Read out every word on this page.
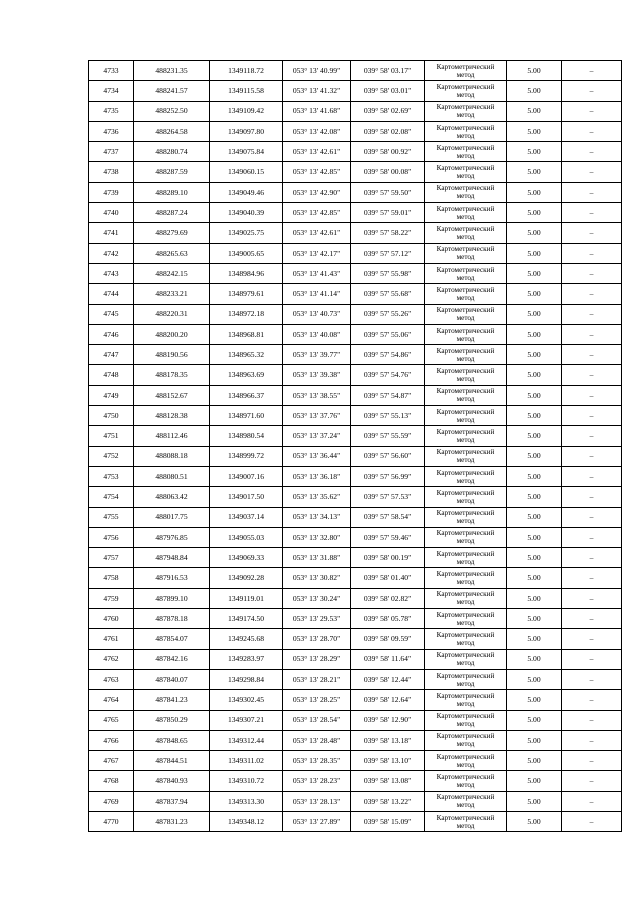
4733	488231.35	1349118.72	053° 13' 40.99"	039° 58' 03.17"	Картометрический
метод	5.00	–
4734	488241.57	1349115.58	053° 13' 41.32"	039° 58' 03.01"	Картометрический
метод	5.00	–
4735	488252.50	1349109.42	053° 13' 41.68"	039° 58' 02.69"	Картометрический
метод	5.00	–
4736	488264.58	1349097.80	053° 13' 42.08"	039° 58' 02.08"	Картометрический
метод	5.00	–
4737	488280.74	1349075.84	053° 13' 42.61"	039° 58' 00.92"	Картометрический
метод	5.00	–
4738	488287.59	1349060.15	053° 13' 42.85"	039° 58' 00.08"	Картометрический
метод	5.00	–
4739	488289.10	1349049.46	053° 13' 42.90"	039° 57' 59.50"	Картометрический
метод	5.00	–
4740	488287.24	1349040.39	053° 13' 42.85"	039° 57' 59.01"	Картометрический
метод	5.00	–
4741	488279.69	1349025.75	053° 13' 42.61"	039° 57' 58.22"	Картометрический
метод	5.00	–
4742	488265.63	1349005.65	053° 13' 42.17"	039° 57' 57.12"	Картометрический
метод	5.00	–
4743	488242.15	1348984.96	053° 13' 41.43"	039° 57' 55.98"	Картометрический
метод	5.00	–
4744	488233.21	1348979.61	053° 13' 41.14"	039° 57' 55.68"	Картометрический
метод	5.00	–
4745	488220.31	1348972.18	053° 13' 40.73"	039° 57' 55.26"	Картометрический
метод	5.00	–
4746	488200.20	1348968.81	053° 13' 40.08"	039° 57' 55.06"	Картометрический
метод	5.00	–
4747	488190.56	1348965.32	053° 13' 39.77"	039° 57' 54.86"	Картометрический
метод	5.00	–
4748	488178.35	1348963.69	053° 13' 39.38"	039° 57' 54.76"	Картометрический
метод	5.00	–
4749	488152.67	1348966.37	053° 13' 38.55"	039° 57' 54.87"	Картометрический
метод	5.00	–
4750	488128.38	1348971.60	053° 13' 37.76"	039° 57' 55.13"	Картометрический
метод	5.00	–
4751	488112.46	1348980.54	053° 13' 37.24"	039° 57' 55.59"	Картометрический
метод	5.00	–
4752	488088.18	1348999.72	053° 13' 36.44"	039° 57' 56.60"	Картометрический
метод	5.00	–
4753	488080.51	1349007.16	053° 13' 36.18"	039° 57' 56.99"	Картометрический
метод	5.00	–
4754	488063.42	1349017.50	053° 13' 35.62"	039° 57' 57.53"	Картометрический
метод	5.00	–
4755	488017.75	1349037.14	053° 13' 34.13"	039° 57' 58.54"	Картометрический
метод	5.00	–
4756	487976.85	1349055.03	053° 13' 32.80"	039° 57' 59.46"	Картометрический
метод	5.00	–
4757	487948.84	1349069.33	053° 13' 31.88"	039° 58' 00.19"	Картометрический
метод	5.00	–
4758	487916.53	1349092.28	053° 13' 30.82"	039° 58' 01.40"	Картометрический
метод	5.00	–
4759	487899.10	1349119.01	053° 13' 30.24"	039° 58' 02.82"	Картометрический
метод	5.00	–
4760	487878.18	1349174.50	053° 13' 29.53"	039° 58' 05.78"	Картометрический
метод	5.00	–
4761	487854.07	1349245.68	053° 13' 28.70"	039° 58' 09.59"	Картометрический
метод	5.00	–
4762	487842.16	1349283.97	053° 13' 28.29"	039° 58' 11.64"	Картометрический
метод	5.00	–
4763	487840.07	1349298.84	053° 13' 28.21"	039° 58' 12.44"	Картометрический
метод	5.00	–
4764	487841.23	1349302.45	053° 13' 28.25"	039° 58' 12.64"	Картометрический
метод	5.00	–
4765	487850.29	1349307.21	053° 13' 28.54"	039° 58' 12.90"	Картометрический
метод	5.00	–
4766	487848.65	1349312.44	053° 13' 28.48"	039° 58' 13.18"	Картометрический
метод	5.00	–
4767	487844.51	1349311.02	053° 13' 28.35"	039° 58' 13.10"	Картометрический
метод	5.00	–
4768	487840.93	1349310.72	053° 13' 28.23"	039° 58' 13.08"	Картометрический
метод	5.00	–
4769	487837.94	1349313.30	053° 13' 28.13"	039° 58' 13.22"	Картометрический
метод	5.00	–
4770	487831.23	1349348.12	053° 13' 27.89"	039° 58' 15.09"	Картометрический
метод	5.00	–
